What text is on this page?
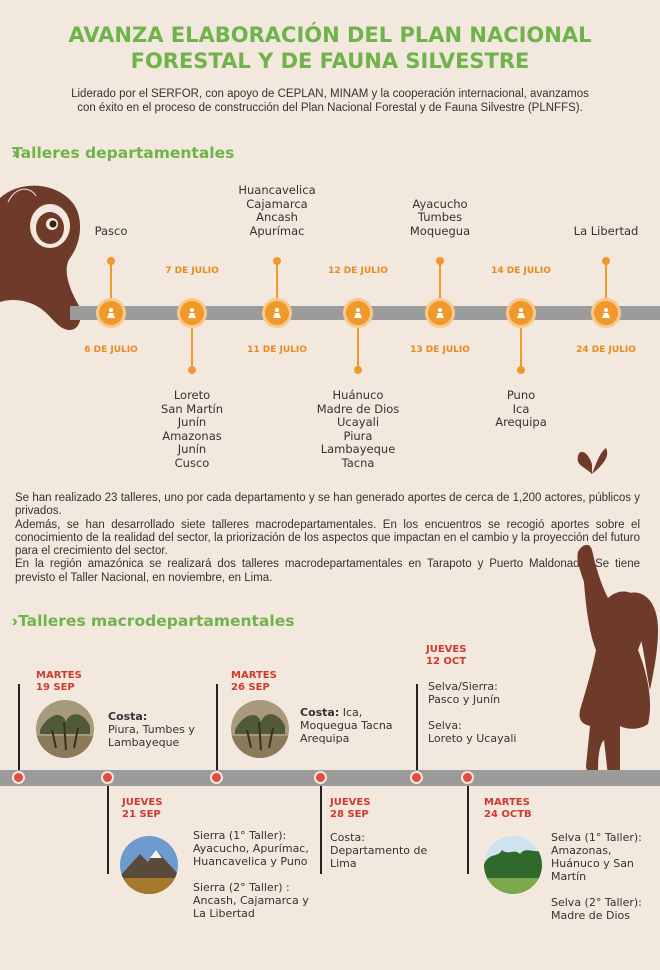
AVANZA ELABORACIÓN DEL PLAN NACIONAL
FORESTAL Y DE FAUNA SILVESTRE
Liderado por el SERFOR, con apoyo de CEPLAN, MINAM y la cooperación internacional, avanzamos
con éxito en el proceso de construcción del Plan Nacional Forestal y de Fauna Silvestre (PLNFFS).
›› Talleres departamentales
Pasco
6 DE JULIO
7 DE JULIO
Loreto
San Martín
Junín
Amazonas
Junín
Cusco
Huancavelica
Cajamarca
Ancash
Apurímac
11 DE JULIO
12 DE JULIO
Huánuco
Madre de Dios
Ucayali
Piura
Lambayeque
Tacna
Ayacucho
Tumbes
Moquegua
13 DE JULIO
14 DE JULIO
Puno
Ica
Arequipa
La Libertad
24 DE JULIO

Se han realizado 23 talleres, uno por cada departamento y se han generado aportes de cerca de 1,200 actores, públicos y privados.

Además, se han desarrollado siete talleres macrodepartamentales. En los encuentros se recogió aportes sobre el conocimiento de la realidad del sector, la priorización de los aspectos que impactan en el cambio y la proyección del futuro para el crecimiento del sector.

En la región amazónica se realizará dos talleres macrodepartamentales en Tarapoto y Puerto Maldonado. Se tiene previsto el Taller Nacional, en noviembre, en Lima.

›› Talleres macrodepartamentales
MARTES
19 SEP
Costa:
Piura, Tumbes y Lambayeque
MARTES
26 SEP
Costa: Ica, Moquegua Tacna Arequipa
JUEVES
12 OCT
Selva/Sierra:
Pasco y Junín

Selva:
Loreto y Ucayali
JUEVES
21 SEP
Sierra (1° Taller):
Ayacucho, Apurímac, Huancavelica y Puno

Sierra (2° Taller) :
Ancash, Cajamarca y La Libertad
JUEVES
28 SEP
Costa:
Departamento de Lima
MARTES
24 OCTB
Selva (1° Taller):
Amazonas, Huánuco y San Martín

Selva (2° Taller):
Madre de Dios
